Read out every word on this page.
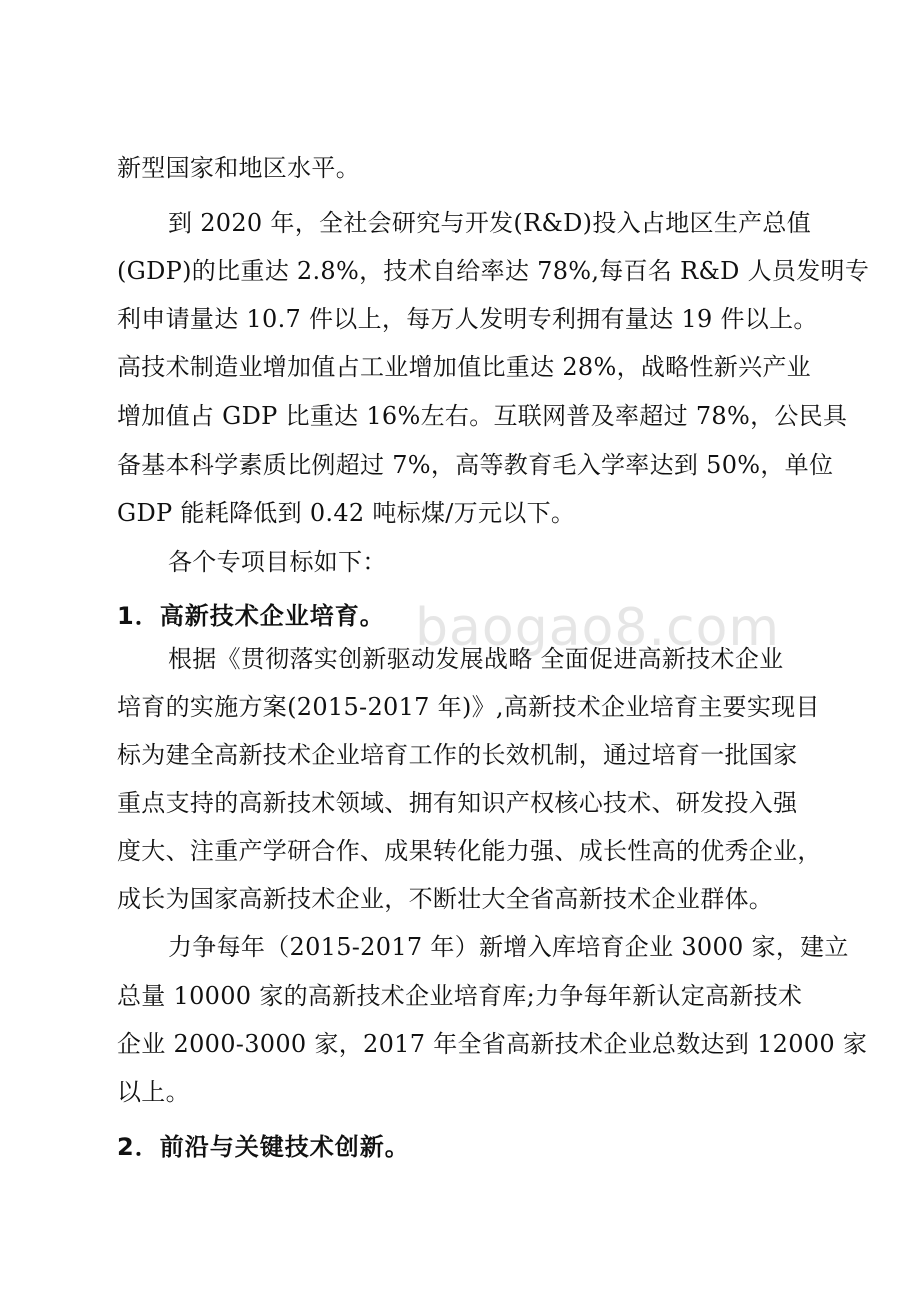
baogao8.com
新型国家和地区水平。
到 2020 年，全社会研究与开发(R&D)投入占地区生产总值
(GDP)的比重达 2.8%，技术自给率达 78%,每百名 R&D 人员发明专
利申请量达 10.7 件以上，每万人发明专利拥有量达 19 件以上。
高技术制造业增加值占工业增加值比重达 28%，战略性新兴产业
增加值占 GDP 比重达 16%左右。互联网普及率超过 78%，公民具
备基本科学素质比例超过 7%，高等教育毛入学率达到 50%，单位
GDP 能耗降低到 0.42 吨标煤/万元以下。
各个专项目标如下：
1．高新技术企业培育。
根据《贯彻落实创新驱动发展战略 全面促进高新技术企业
培育的实施方案(2015-2017 年)》,高新技术企业培育主要实现目
标为建全高新技术企业培育工作的长效机制，通过培育一批国家
重点支持的高新技术领域、拥有知识产权核心技术、研发投入强
度大、注重产学研合作、成果转化能力强、成长性高的优秀企业，
成长为国家高新技术企业，不断壮大全省高新技术企业群体。
力争每年（2015-2017 年）新增入库培育企业 3000 家，建立
总量 10000 家的高新技术企业培育库;力争每年新认定高新技术
企业 2000-3000 家，2017 年全省高新技术企业总数达到 12000 家
以上。
2．前沿与关键技术创新。
